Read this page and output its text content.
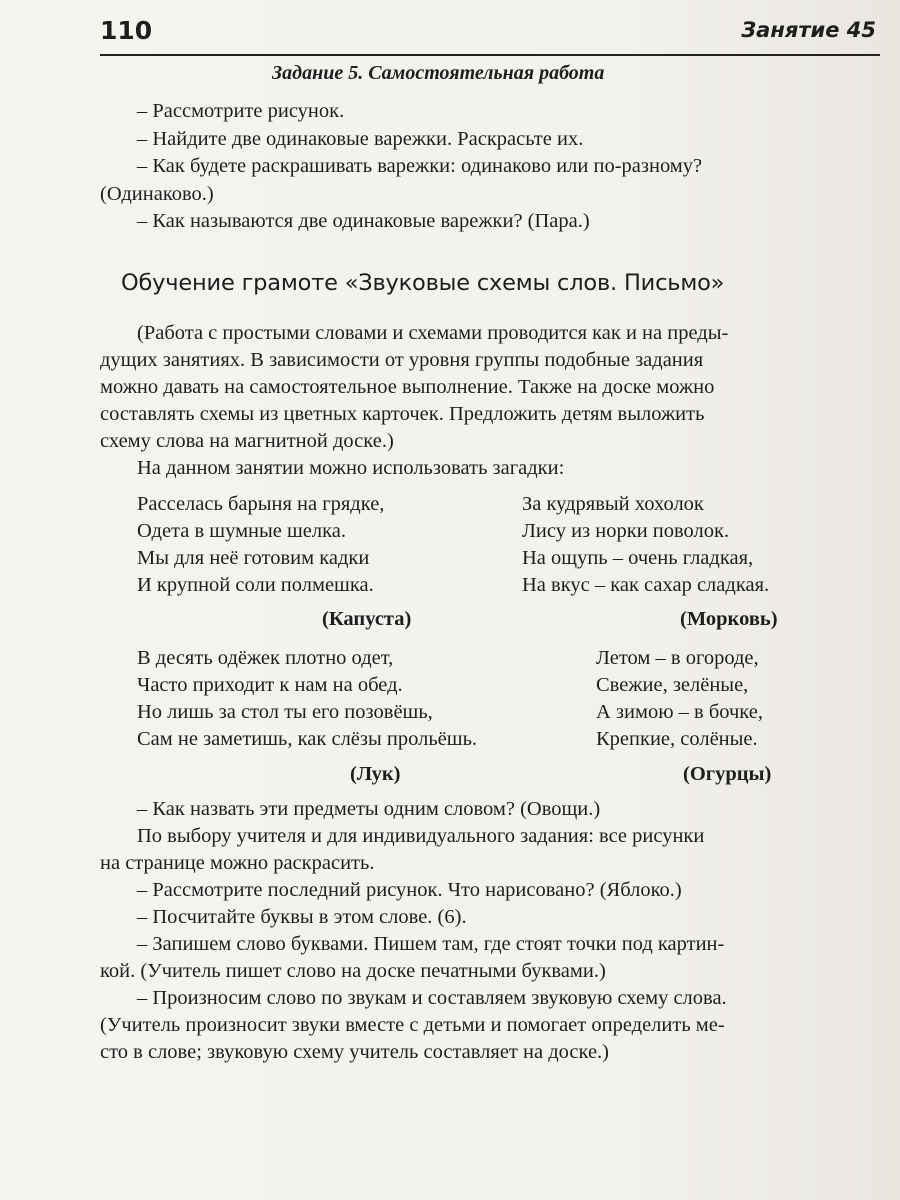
110	Занятие 45
Задание 5. Самостоятельная работа
– Рассмотрите рисунок.
– Найдите две одинаковые варежки. Раскрасьте их.
– Как будете раскрашивать варежки: одинаково или по-разному?
(Одинаково.)
– Как называются две одинаковые варежки? (Пара.)
Обучение грамоте «Звуковые схемы слов. Письмо»
(Работа с простыми словами и схемами проводится как и на преды-
дущих занятиях. В зависимости от уровня группы подобные задания
можно давать на самостоятельное выполнение. Также на доске можно
составлять схемы из цветных карточек. Предложить детям выложить
схему слова на магнитной доске.)
На данном занятии можно использовать загадки:
Расселась барыня на грядке,
Одета в шумные шелка.
Мы для неё готовим кадки
И крупной соли полмешка.
(Капуста)
За кудрявый хохолок
Лису из норки поволок.
На ощупь – очень гладкая,
На вкус – как сахар сладкая.
(Морковь)
В десять одёжек плотно одет,
Часто приходит к нам на обед.
Но лишь за стол ты его позовёшь,
Сам не заметишь, как слёзы прольёшь.
(Лук)
Летом – в огороде,
Свежие, зелёные,
А зимою – в бочке,
Крепкие, солёные.
(Огурцы)
– Как назвать эти предметы одним словом? (Овощи.)
По выбору учителя и для индивидуального задания: все рисунки
на странице можно раскрасить.
– Рассмотрите последний рисунок. Что нарисовано? (Яблоко.)
– Посчитайте буквы в этом слове. (6).
– Запишем слово буквами. Пишем там, где стоят точки под картин-
кой. (Учитель пишет слово на доске печатными буквами.)
– Произносим слово по звукам и составляем звуковую схему слова.
(Учитель произносит звуки вместе с детьми и помогает определить ме-
сто в слове; звуковую схему учитель составляет на доске.)
